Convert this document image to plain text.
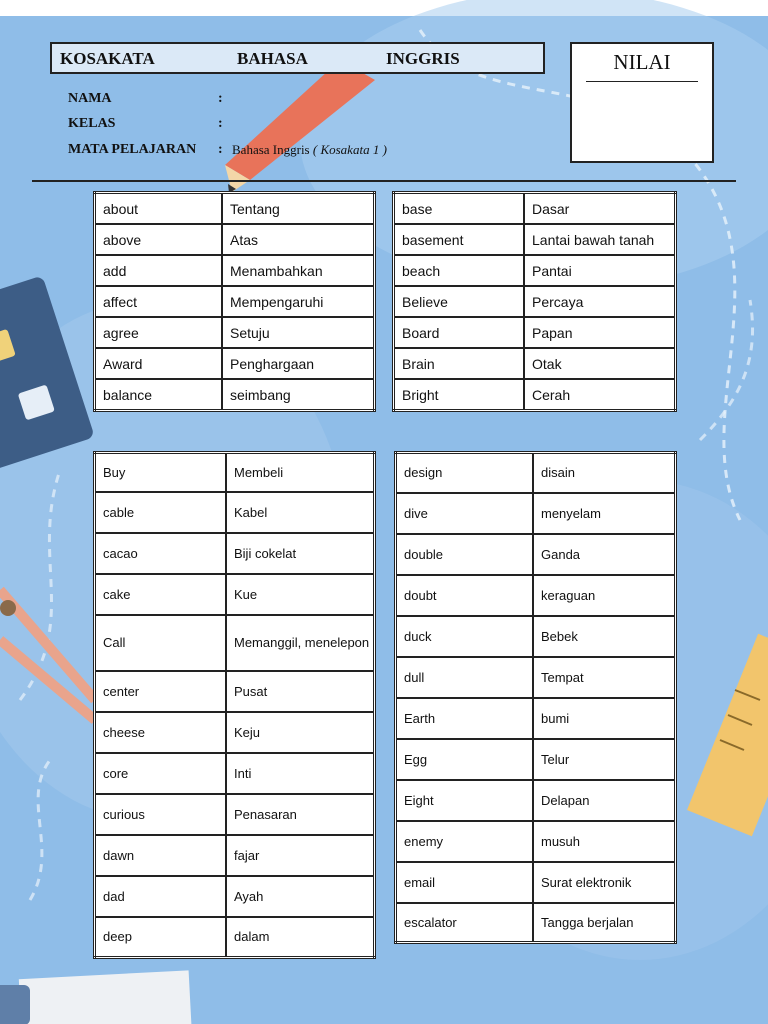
KOSAKATA	BAHASA	INGGRIS	NILAI
NAMA	:
KELAS	:
MATA PELAJARAN : Bahasa Inggris ( Kosakata 1 )
about	Tentang
above	Atas
add	Menambahkan
affect	Mempengaruhi
agree	Setuju
Award	Penghargaan
balance	seimbang
base	Dasar
basement	Lantai bawah tanah
beach	Pantai
Believe	Percaya
Board	Papan
Brain	Otak
Bright	Cerah
Buy	Membeli
cable	Kabel
cacao	Biji cokelat
cake	Kue
Call	Memanggil, menelepon
center	Pusat
cheese	Keju
core	Inti
curious	Penasaran
dawn	fajar
dad	Ayah
deep	dalam
design	disain
dive	menyelam
double	Ganda
doubt	keraguan
duck	Bebek
dull	Tempat
Earth	bumi
Egg	Telur
Eight	Delapan
enemy	musuh
email	Surat elektronik
escalator	Tangga berjalan
